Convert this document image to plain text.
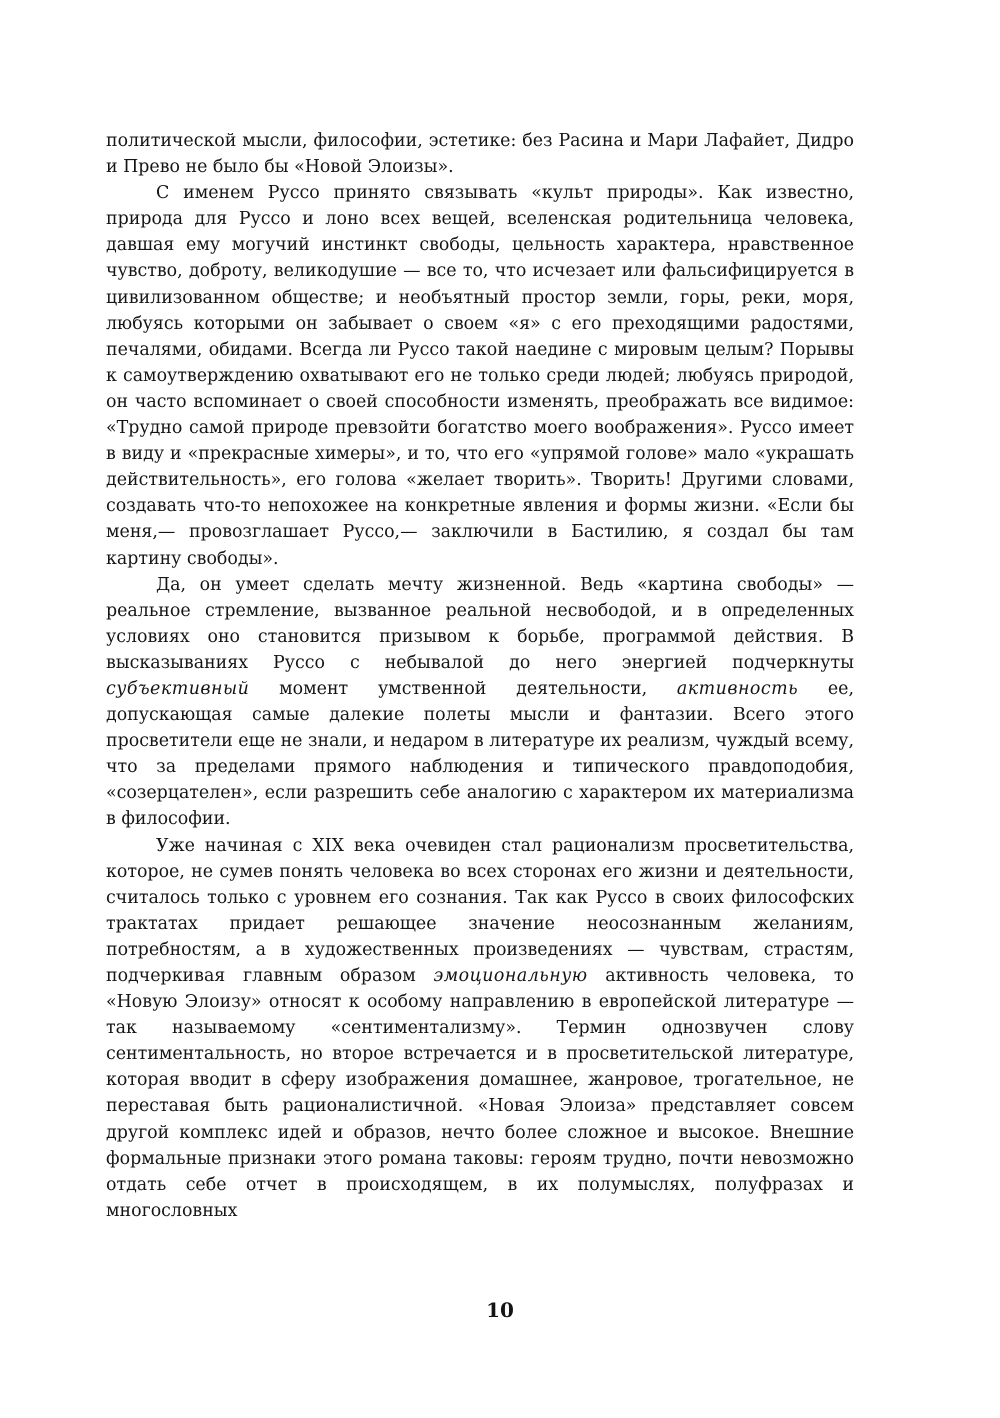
политической мысли, философии, эстетике: без Расина и Мари Лафайет, Дидро и Прево не было бы «Новой Элоизы».

С именем Руссо принято связывать «культ природы». Как известно, природа для Руссо и лоно всех вещей, вселенская родительница человека, давшая ему могучий инстинкт свободы, цельность характера, нравственное чувство, доброту, великодушие — все то, что исчезает или фальсифицируется в цивилизованном обществе; и необъятный простор земли, горы, реки, моря, любуясь которыми он забывает о своем «я» с его преходящими радостями, печалями, обидами. Всегда ли Руссо такой наедине с мировым целым? Порывы к самоутверждению охватывают его не только среди людей; любуясь природой, он часто вспоминает о своей способности изменять, преображать все видимое: «Трудно самой природе превзойти богатство моего воображения». Руссо имеет в виду и «прекрасные химеры», и то, что его «упрямой голове» мало «украшать действительность», его голова «желает творить». Творить! Другими словами, создавать что-то непохожее на конкретные явления и формы жизни. «Если бы меня,— провозглашает Руссо,— заключили в Бастилию, я создал бы там картину свободы».

Да, он умеет сделать мечту жизненной. Ведь «картина свободы» — реальное стремление, вызванное реальной несвободой, и в определенных условиях оно становится призывом к борьбе, программой действия. В высказываниях Руссо с небывалой до него энергией подчеркнуты субъективный момент умственной деятельности, активность ее, допускающая самые далекие полеты мысли и фантазии. Всего этого просветители еще не знали, и недаром в литературе их реализм, чуждый всему, что за пределами прямого наблюдения и типического правдоподобия, «созерцателен», если разрешить себе аналогию с характером их материализма в философии.

Уже начиная с XIX века очевиден стал рационализм просветительства, которое, не сумев понять человека во всех сторонах его жизни и деятельности, считалось только с уровнем его сознания. Так как Руссо в своих философских трактатах придает решающее значение неосознанным желаниям, потребностям, а в художественных произведениях — чувствам, страстям, подчеркивая главным образом эмоциональную активность человека, то «Новую Элоизу» относят к особому направлению в европейской литературе — так называемому «сентиментализму». Термин однозвучен слову сентиментальность, но второе встречается и в просветительской литературе, которая вводит в сферу изображения домашнее, жанровое, трогательное, не переставая быть рационалистичной. «Новая Элоиза» представляет совсем другой комплекс идей и образов, нечто более сложное и высокое. Внешние формальные признаки этого романа таковы: героям трудно, почти невозможно отдать себе отчет в происходящем, в их полумыслях, полуфразах и многословных

10
